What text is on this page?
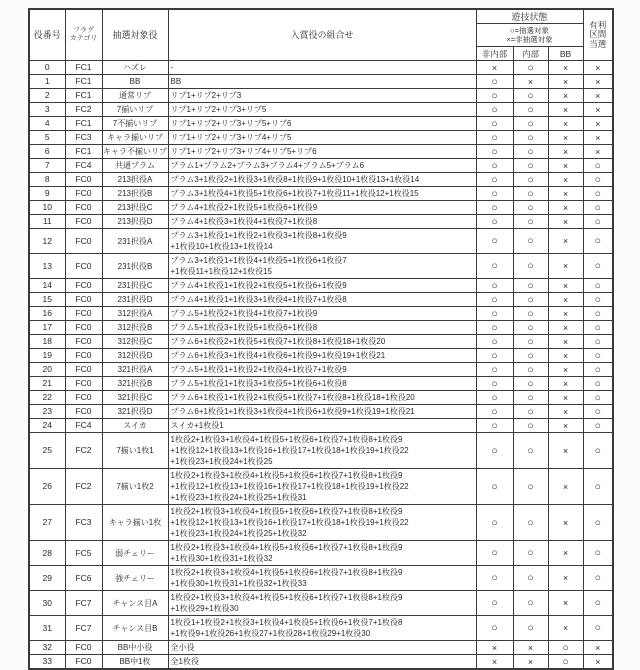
役番号	フラグ
カテゴリ	抽選対象役	入賞役の組合せ	遊技状態	
有利
区間
当選

				○=抽選対象
×=非抽選対象			

				非内部	内部	BB	
0	FC1	ハズレ	-	×	○	×	×
1	FC1	BB	BB	○	×	×	×
2	FC1	通常リプ	リプ1+リプ2+リプ3	○	○	×	×
3	FC2	7揃いリプ	リプ1+リプ2+リプ3+リプ5	○	○	×	×
4	FC1	7不揃いリプ	リプ1+リプ2+リプ3+リプ5+リプ6	○	○	×	×
5	FC3	キャラ揃いリプ	リプ1+リプ2+リプ3+リプ4+リプ5	○	○	×	×
6	FC1	キャラ不揃いリプ	リプ1+リプ2+リプ3+リプ4+リプ5+リプ6	○	○	×	×
7	FC4	共通プラム	プラム1+プラム2+プラム3+プラム4+プラム5+プラム6	○	○	×	○
8	FC0	213択役A	プラム3+1枚役2+1枚役3+1枚役8+1枚役9+1枚役10+1枚役13+1枚役14	○	○	×	○
9	FC0	213択役B	プラム3+1枚役4+1枚役5+1枚役6+1枚役7+1枚役11+1枚役12+1枚役15	○	○	×	○
10	FC0	213択役C	プラム4+1枚役2+1枚役5+1枚役6+1枚役9	○	○	×	○
11	FC0	213択役D	プラム4+1枚役3+1枚役4+1枚役7+1枚役8	○	○	×	○
12	FC0	231択役A	プラム3+1枚役1+1枚役2+1枚役3+1枚役8+1枚役9
+1枚役10+1枚役13+1枚役14	○	○	×	○
13	FC0	231択役B	プラム3+1枚役1+1枚役4+1枚役5+1枚役6+1枚役7
+1枚役11+1枚役12+1枚役15	○	○	×	○
14	FC0	231択役C	プラム4+1枚役1+1枚役2+1枚役5+1枚役6+1枚役9	○	○	×	○
15	FC0	231択役D	プラム4+1枚役1+1枚役3+1枚役4+1枚役7+1枚役8	○	○	×	○
16	FC0	312択役A	プラム5+1枚役2+1枚役4+1枚役7+1枚役9	○	○	×	○
17	FC0	312択役B	プラム5+1枚役3+1枚役5+1枚役6+1枚役8	○	○	×	○
18	FC0	312択役C	プラム6+1枚役2+1枚役5+1枚役7+1枚役8+1枚役18+1枚役20	○	○	×	○
19	FC0	312択役D	プラム6+1枚役3+1枚役4+1枚役6+1枚役9+1枚役19+1枚役21	○	○	×	○
20	FC0	321択役A	プラム5+1枚役1+1枚役2+1枚役4+1枚役7+1枚役9	○	○	×	○
21	FC0	321択役B	プラム5+1枚役1+1枚役3+1枚役5+1枚役6+1枚役8	○	○	×	○
22	FC0	321択役C	プラム6+1枚役1+1枚役2+1枚役5+1枚役7+1枚役8+1枚役18+1枚役20	○	○	×	○
23	FC0	321択役D	プラム6+1枚役1+1枚役3+1枚役4+1枚役6+1枚役9+1枚役19+1枚役21	○	○	×	○
24	FC4	スイカ	スイカ+1枚役1	○	○	×	○
25	FC2	7揃い1枚1	1枚役2+1枚役3+1枚役4+1枚役5+1枚役6+1枚役7+1枚役8+1枚役9
+1枚役12+1枚役13+1枚役16+1枚役17+1枚役18+1枚役19+1枚役22
+1枚役23+1枚役24+1枚役25	○	○	×	○
26	FC2	7揃い1枚2	1枚役2+1枚役3+1枚役4+1枚役5+1枚役6+1枚役7+1枚役8+1枚役9
+1枚役12+1枚役13+1枚役16+1枚役17+1枚役18+1枚役19+1枚役22
+1枚役23+1枚役24+1枚役25+1枚役31	○	○	×	○
27	FC3	キャラ揃い1枚	1枚役2+1枚役3+1枚役4+1枚役5+1枚役6+1枚役7+1枚役8+1枚役9
+1枚役12+1枚役13+1枚役16+1枚役17+1枚役18+1枚役19+1枚役22
+1枚役23+1枚役24+1枚役25+1枚役32	○	○	×	○
28	FC5	弱チェリー	1枚役2+1枚役3+1枚役4+1枚役5+1枚役6+1枚役7+1枚役8+1枚役9
+1枚役30+1枚役31+1枚役32	○	○	×	○
29	FC6	強チェリー	1枚役2+1枚役3+1枚役4+1枚役5+1枚役6+1枚役7+1枚役8+1枚役9
+1枚役30+1枚役31+1枚役32+1枚役33	○	○	×	○
30	FC7	チャンス目A	1枚役2+1枚役3+1枚役4+1枚役5+1枚役6+1枚役7+1枚役8+1枚役9
+1枚役29+1枚役30	○	○	×	○
31	FC7	チャンス目B	1枚役1+1枚役2+1枚役3+1枚役4+1枚役5+1枚役6+1枚役7+1枚役8
+1枚役9+1枚役26+1枚役27+1枚役28+1枚役29+1枚役30	○	○	×	○
32	FC0	BB中小役	全小役	×	×	○	×
33	FC0	BB中1枚	全1枚役	×	×	○	×
